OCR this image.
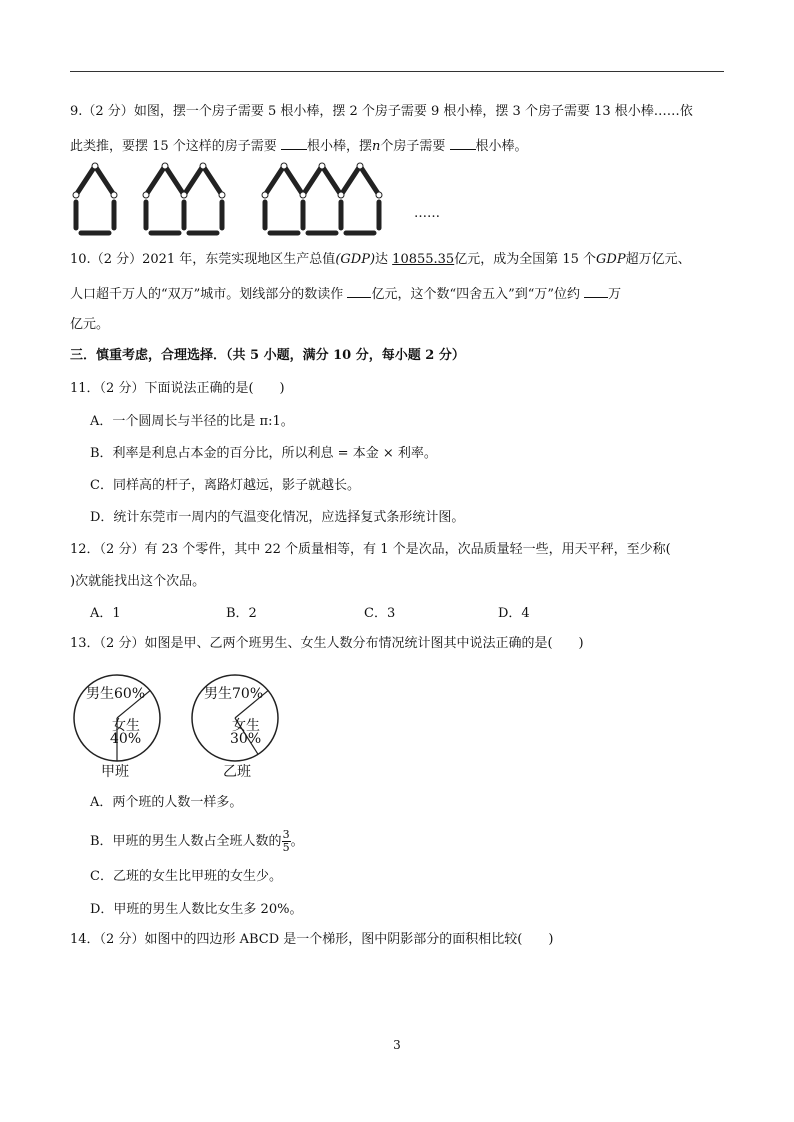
9.（2 分）如图，摆一个房子需要 5 根小棒，摆 2 个房子需要 9 根小棒，摆 3 个房子需要 13 根小棒……依
此类推，要摆 15 个这样的房子需要 根小棒，摆n个房子需要 根小棒。
……
10.（2 分）2021 年，东莞实现地区生产总值(GDP)达 10855.35亿元，成为全国第 15 个GDP超万亿元、
人口超千万人的“双万”城市。划线部分的数读作 亿元，这个数“四舍五入”到“万”位约 万
亿元。
三．慎重考虑，合理选择．（共 5 小题，满分 10 分，每小题 2 分）
11．（2 分）下面说法正确的是(　　)
A．一个圆周长与半径的比是 π:1。
B．利率是利息占本金的百分比，所以利息 = 本金 × 利率。
C．同样高的杆子，离路灯越远，影子就越长。
D．统计东莞市一周内的气温变化情况，应选择复式条形统计图。
12．（2 分）有 23 个零件，其中 22 个质量相等，有 1 个是次品，次品质量轻一些，用天平秤，至少称(
)次就能找出这个次品。
A．1	B．2	C．3	D．4
13．（2 分）如图是甲、乙两个班男生、女生人数分布情况统计图其中说法正确的是(　　)
男生60%
女生
40%
甲班
男生70%
女生
30%
乙班
A．两个班的人数一样多。
B．甲班的男生人数占全班人数的 $\frac{3}{5}$ 。
C．乙班的女生比甲班的女生少。
D．甲班的男生人数比女生多 20%。
14．（2 分）如图中的四边形 ABCD 是一个梯形，图中阴影部分的面积相比较(　　)
3
